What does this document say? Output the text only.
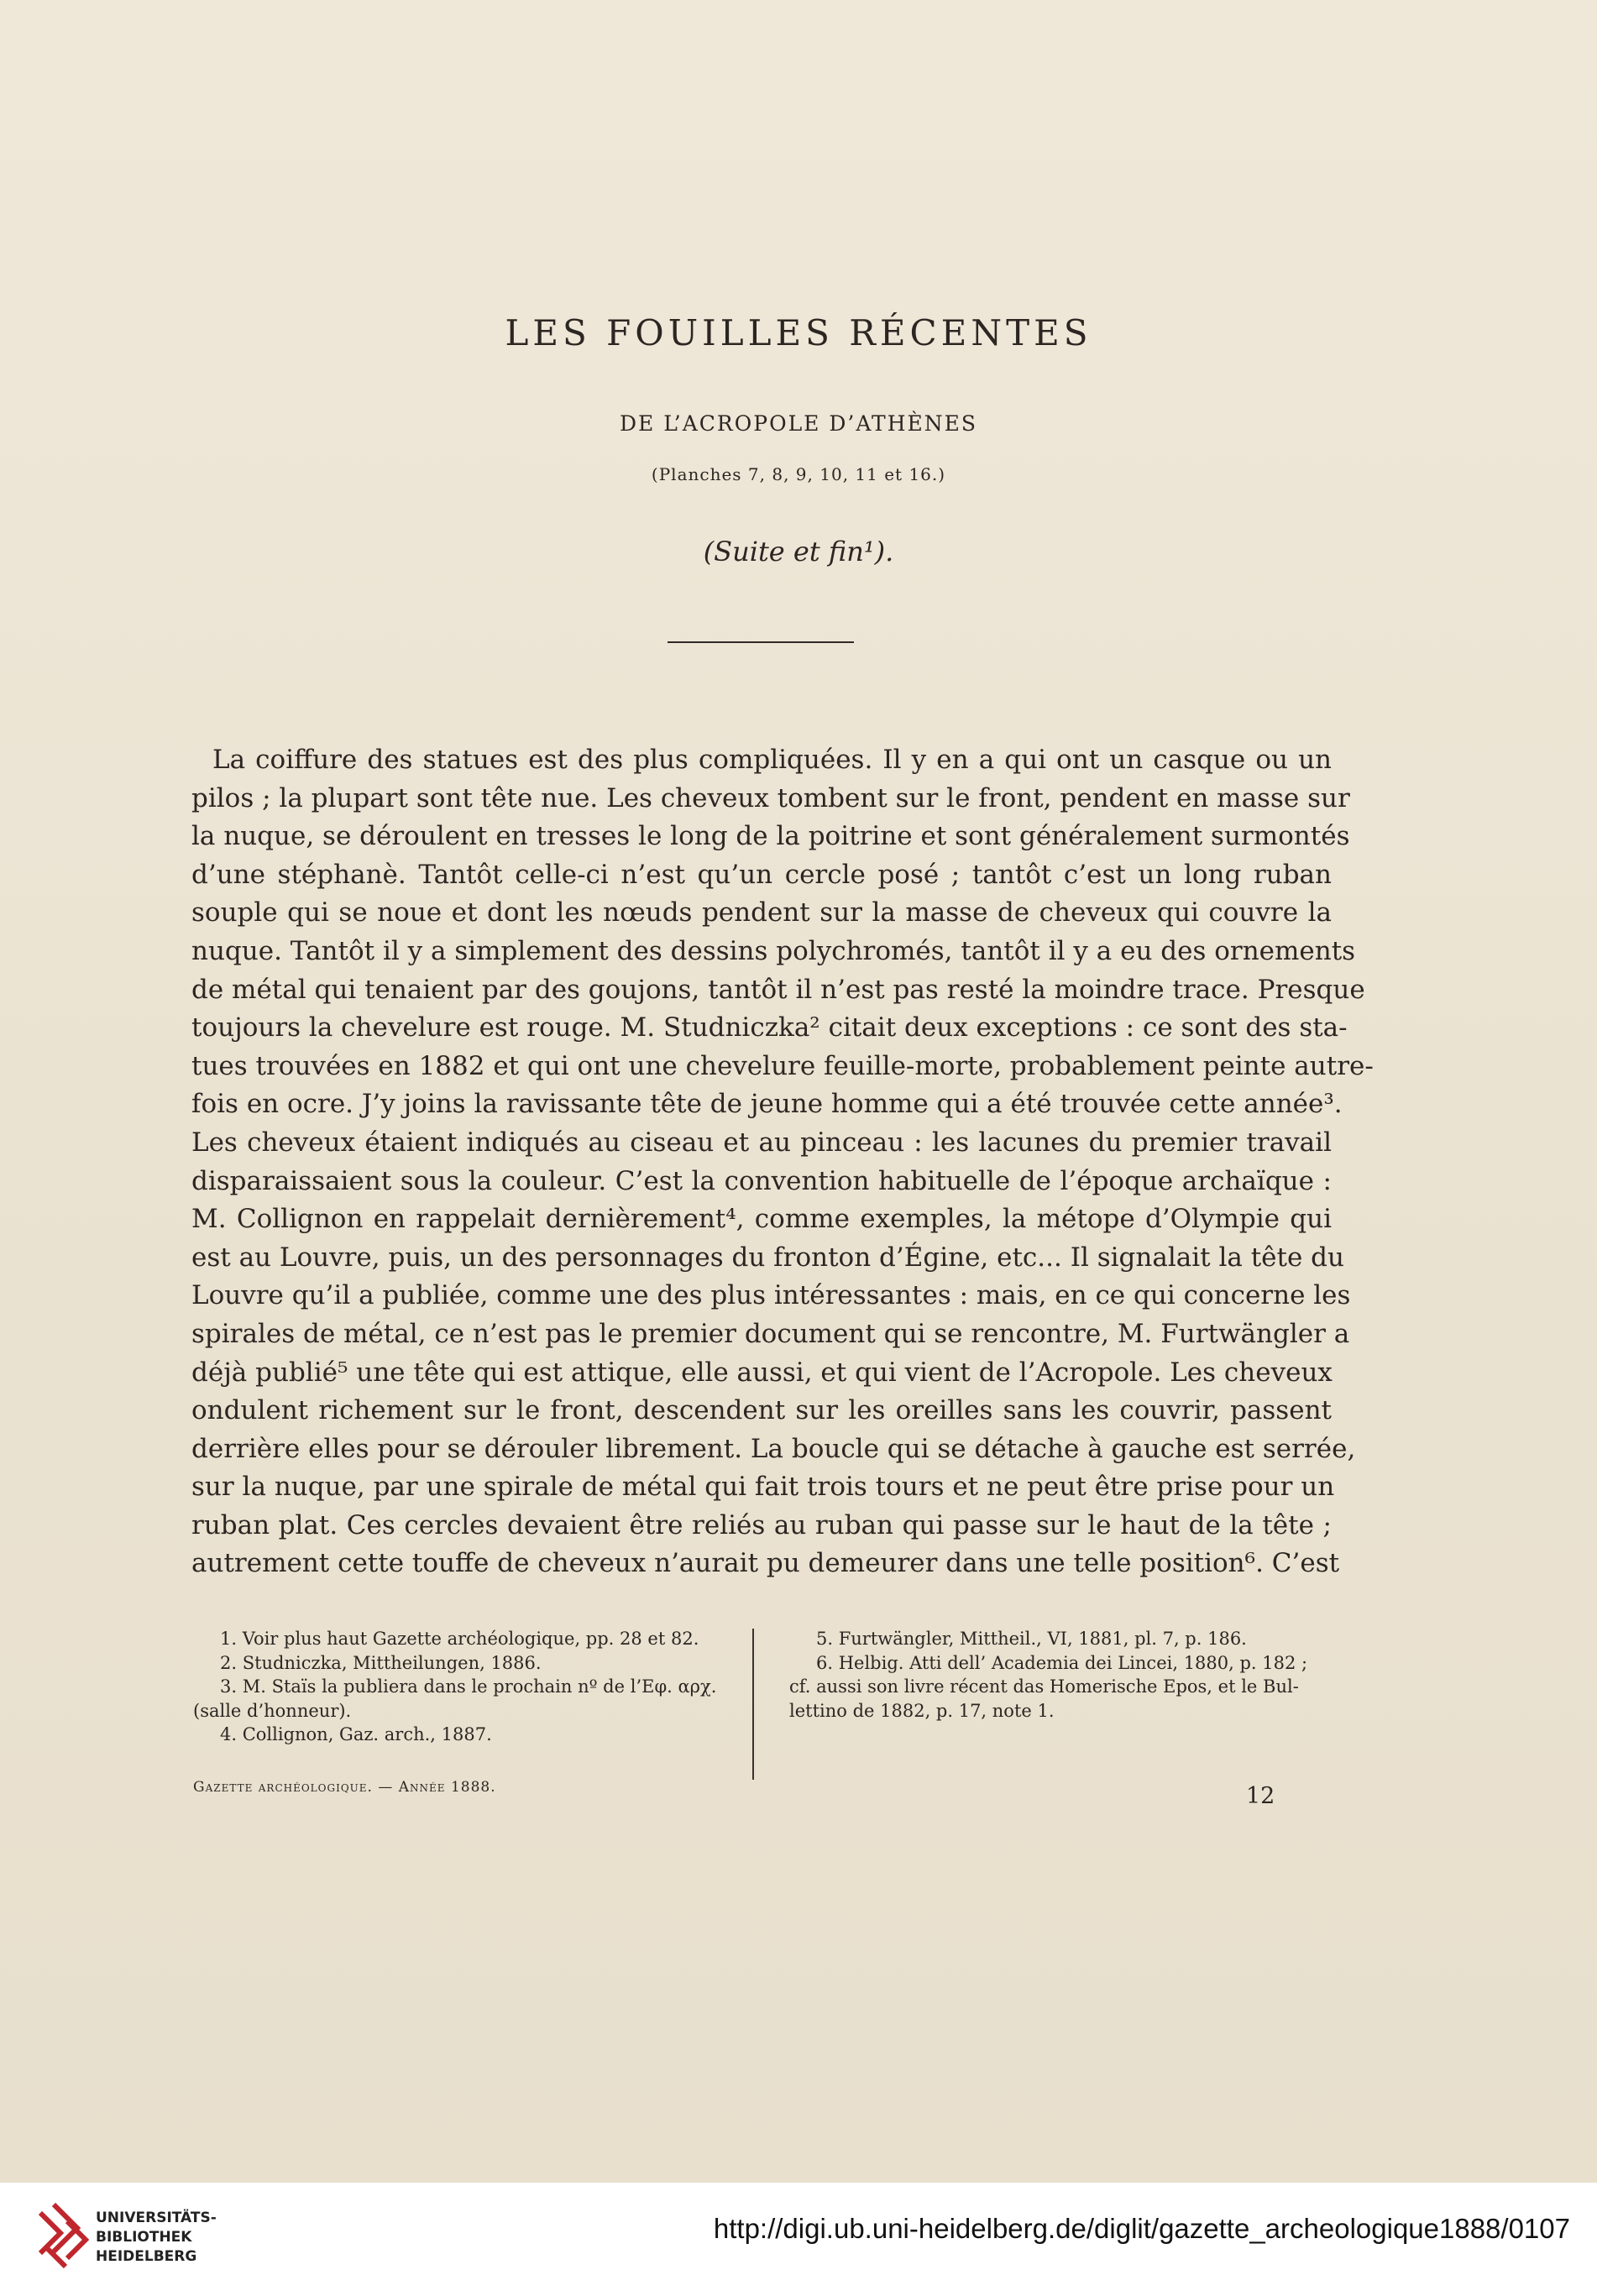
LES FOUILLES RÉCENTES
DE L’ACROPOLE D’ATHÈNES
(Planches 7, 8, 9, 10, 11 et 16.)
(Suite et fin¹).
La coiffure des statues est des plus compliquées. Il y en a qui ont un casque ou un
pilos ; la plupart sont tête nue. Les cheveux tombent sur le front, pendent en masse sur
la nuque, se déroulent en tresses le long de la poitrine et sont généralement surmontés
d’une stéphanè. Tantôt celle-ci n’est qu’un cercle posé ; tantôt c’est un long ruban
souple qui se noue et dont les nœuds pendent sur la masse de cheveux qui couvre la
nuque. Tantôt il y a simplement des dessins polychromés, tantôt il y a eu des ornements
de métal qui tenaient par des goujons, tantôt il n’est pas resté la moindre trace. Presque
toujours la chevelure est rouge. M. Studniczka² citait deux exceptions : ce sont des sta-
tues trouvées en 1882 et qui ont une chevelure feuille-morte, probablement peinte autre-
fois en ocre. J’y joins la ravissante tête de jeune homme qui a été trouvée cette année³.
Les cheveux étaient indiqués au ciseau et au pinceau : les lacunes du premier travail
disparaissaient sous la couleur. C’est la convention habituelle de l’époque archaïque :
M. Collignon en rappelait dernièrement⁴, comme exemples, la métope d’Olympie qui
est au Louvre, puis, un des personnages du fronton d’Égine, etc... Il signalait la tête du
Louvre qu’il a publiée, comme une des plus intéressantes : mais, en ce qui concerne les
spirales de métal, ce n’est pas le premier document qui se rencontre, M. Furtwängler a
déjà publié⁵ une tête qui est attique, elle aussi, et qui vient de l’Acropole. Les cheveux
ondulent richement sur le front, descendent sur les oreilles sans les couvrir, passent
derrière elles pour se dérouler librement. La boucle qui se détache à gauche est serrée,
sur la nuque, par une spirale de métal qui fait trois tours et ne peut être prise pour un
ruban plat. Ces cercles devaient être reliés au ruban qui passe sur le haut de la tête ;
autrement cette touffe de cheveux n’aurait pu demeurer dans une telle position⁶. C’est
1. Voir plus haut Gazette archéologique, pp. 28 et 82.
2. Studniczka, Mittheilungen, 1886.
3. M. Staïs la publiera dans le prochain nº de l’Eφ. αρχ.
(salle d’honneur).
4. Collignon, Gaz. arch., 1887.
5. Furtwängler, Mittheil., VI, 1881, pl. 7, p. 186.
6. Helbig. Atti dell’ Academia dei Lincei, 1880, p. 182 ;
cf. aussi son livre récent das Homerische Epos, et le Bul-
lettino de 1882, p. 17, note 1.
Gazette archéologique. — Année 1888.	12
UNIVERSITÄTS-
BIBLIOTHEK
HEIDELBERG
http://digi.ub.uni-heidelberg.de/diglit/gazette_archeologique1888/0107
